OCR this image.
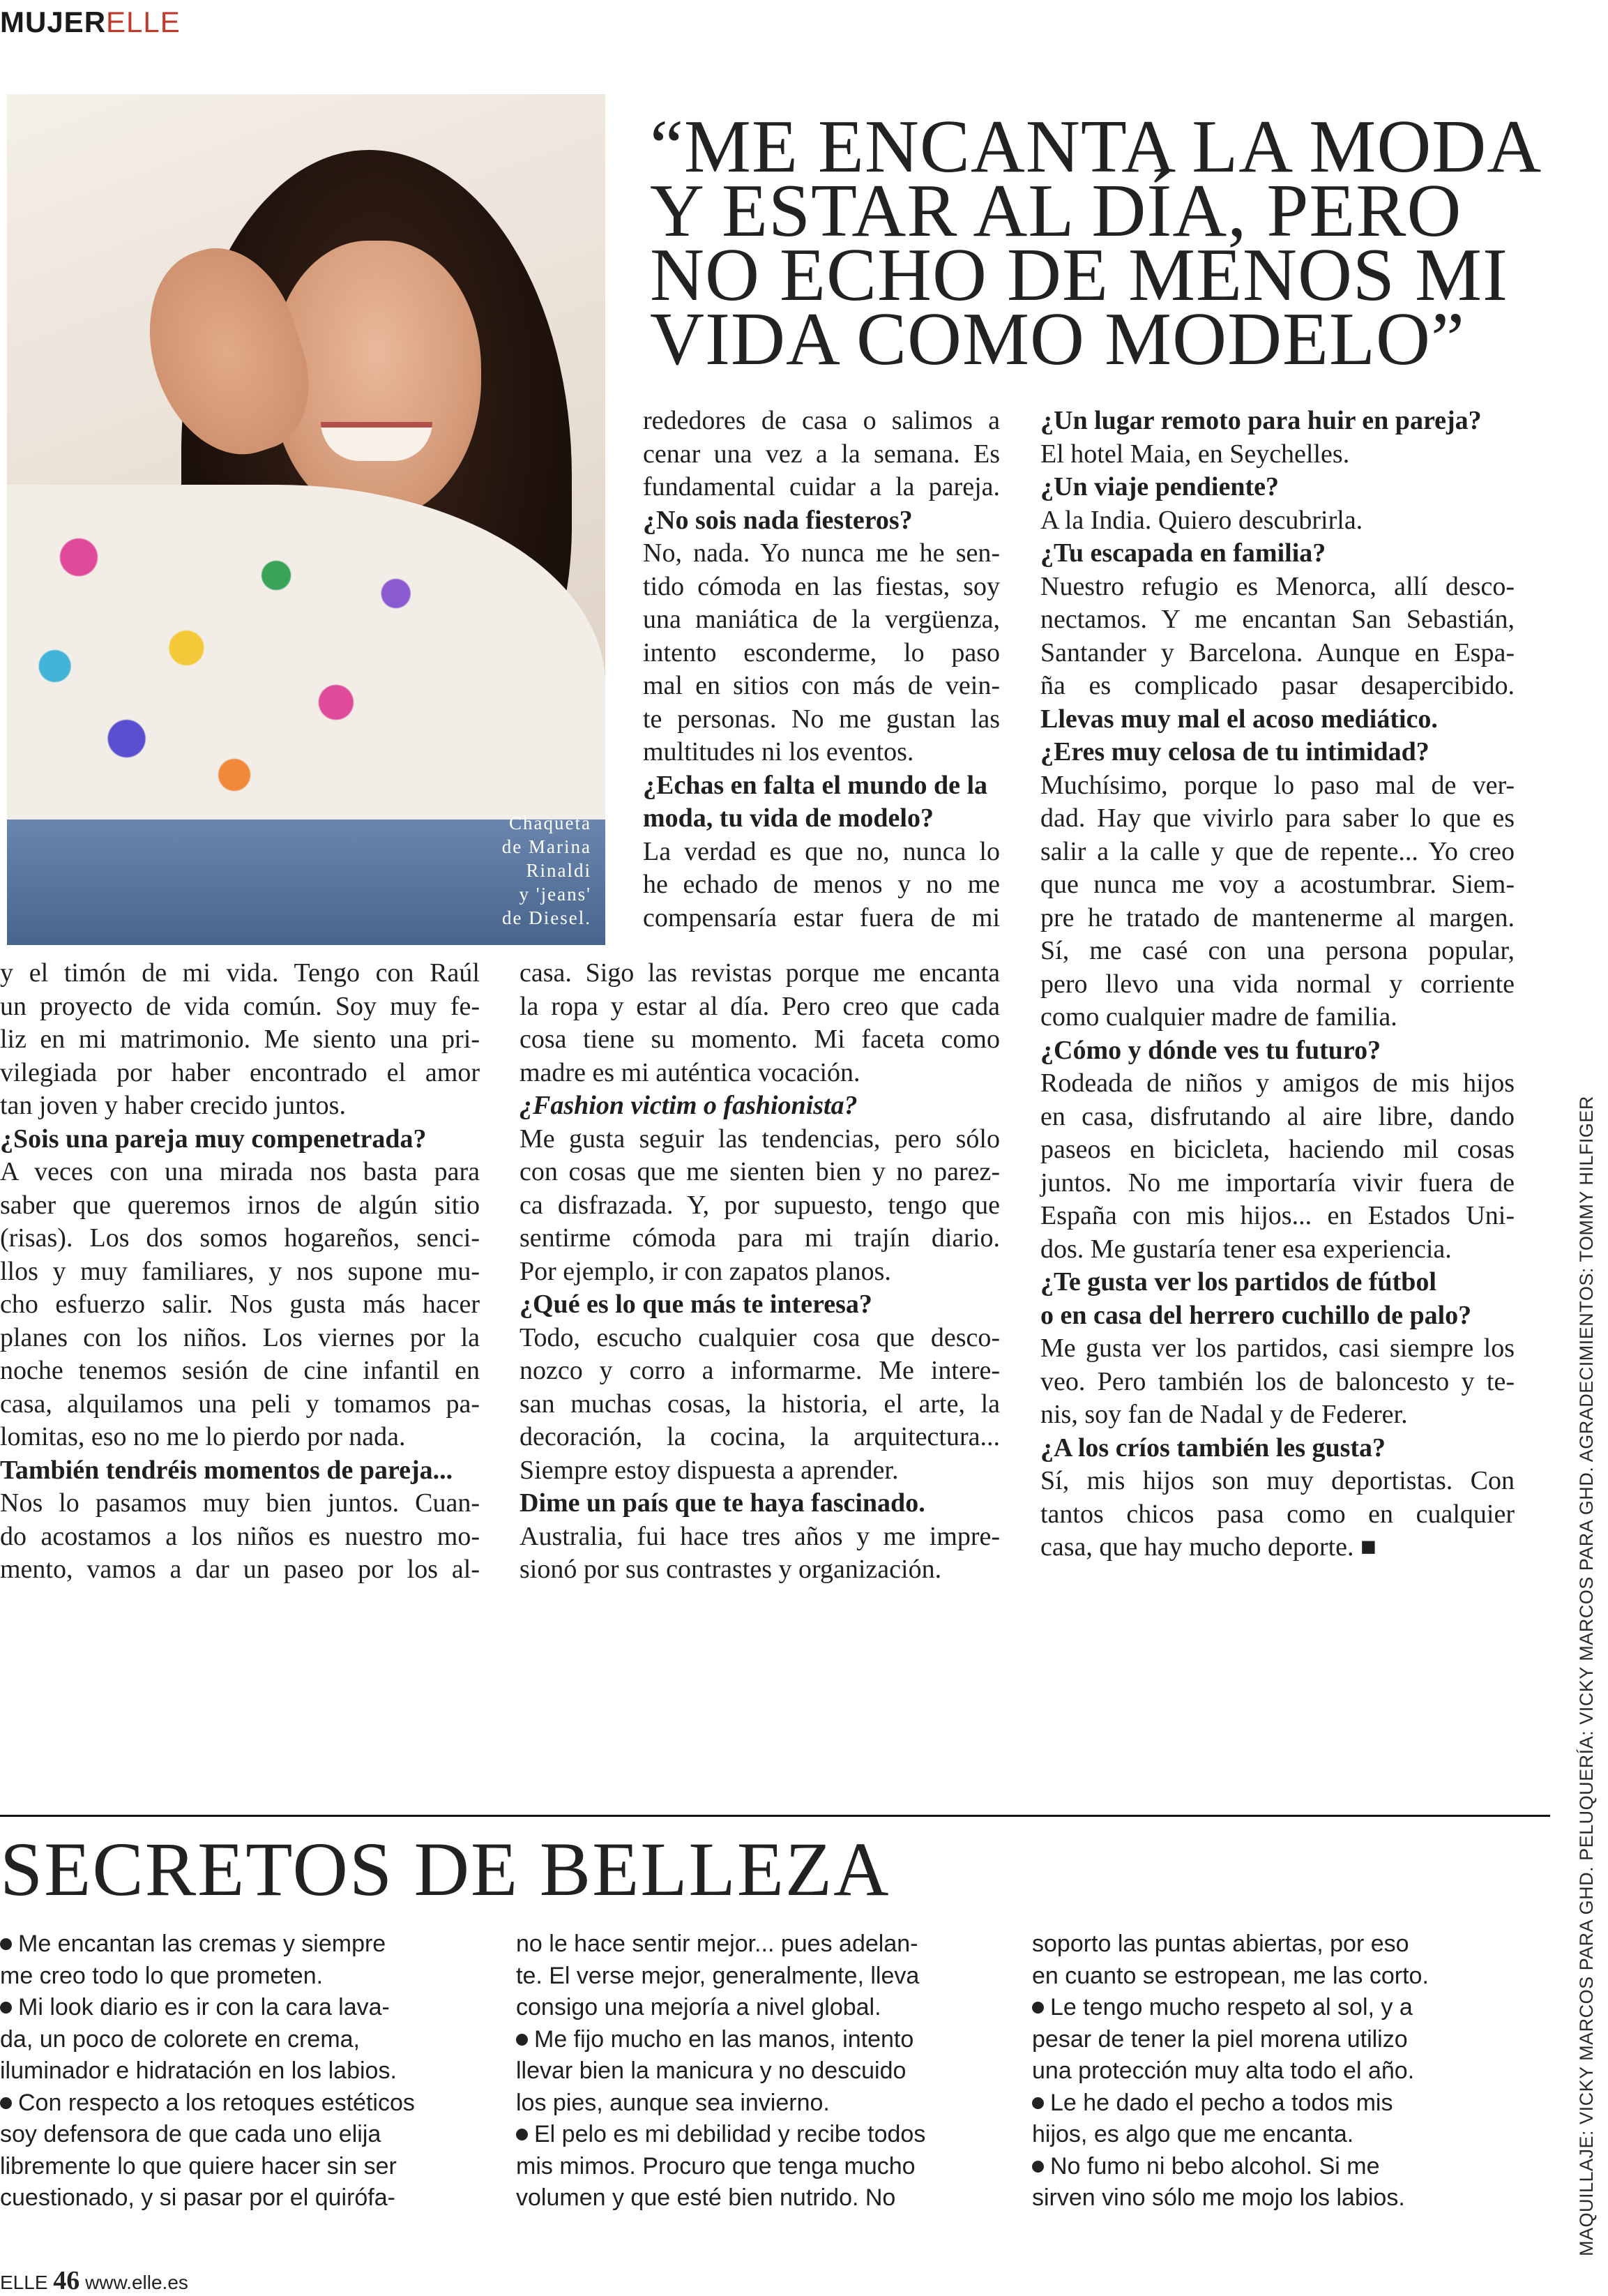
MUJERELLE
Chaqueta
de Marina
Rinaldi
y 'jeans'
de Diesel.
“ME ENCANTA LA MODA
Y ESTAR AL DÍA, PERO
NO ECHO DE MENOS MI
VIDA COMO MODELO”
y el timón de mi vida. Tengo con Raúl
un proyecto de vida común. Soy muy fe-
liz en mi matrimonio. Me siento una pri-
vilegiada por haber encontrado el amor
tan joven y haber crecido juntos.
¿Sois una pareja muy compenetrada?
A veces con una mirada nos basta para
saber que queremos irnos de algún sitio
(risas). Los dos somos hogareños, senci-
llos y muy familiares, y nos supone mu-
cho esfuerzo salir. Nos gusta más hacer
planes con los niños. Los viernes por la
noche tenemos sesión de cine infantil en
casa, alquilamos una peli y tomamos pa-
lomitas, eso no me lo pierdo por nada.
También tendréis momentos de pareja...
Nos lo pasamos muy bien juntos. Cuan-
do acostamos a los niños es nuestro mo-
mento, vamos a dar un paseo por los al-
rededores de casa o salimos a
cenar una vez a la semana. Es
fundamental cuidar a la pareja.
¿No sois nada fiesteros?
No, nada. Yo nunca me he sen-
tido cómoda en las fiestas, soy
una maniática de la vergüenza,
intento esconderme, lo paso
mal en sitios con más de vein-
te personas. No me gustan las
multitudes ni los eventos.
¿Echas en falta el mundo de la
moda, tu vida de modelo?
La verdad es que no, nunca lo
he echado de menos y no me
compensaría estar fuera de mi
casa. Sigo las revistas porque me encanta
la ropa y estar al día. Pero creo que cada
cosa tiene su momento. Mi faceta como
madre es mi auténtica vocación.
¿Fashion victim o fashionista?
Me gusta seguir las tendencias, pero sólo
con cosas que me sienten bien y no parez-
ca disfrazada. Y, por supuesto, tengo que
sentirme cómoda para mi trajín diario.
Por ejemplo, ir con zapatos planos.
¿Qué es lo que más te interesa?
Todo, escucho cualquier cosa que desco-
nozco y corro a informarme. Me intere-
san muchas cosas, la historia, el arte, la
decoración, la cocina, la arquitectura...
Siempre estoy dispuesta a aprender.
Dime un país que te haya fascinado.
Australia, fui hace tres años y me impre-
sionó por sus contrastes y organización.
¿Un lugar remoto para huir en pareja?
El hotel Maia, en Seychelles.
¿Un viaje pendiente?
A la India. Quiero descubrirla.
¿Tu escapada en familia?
Nuestro refugio es Menorca, allí desco-
nectamos. Y me encantan San Sebastián,
Santander y Barcelona. Aunque en Espa-
ña es complicado pasar desapercibido.
Llevas muy mal el acoso mediático.
¿Eres muy celosa de tu intimidad?
Muchísimo, porque lo paso mal de ver-
dad. Hay que vivirlo para saber lo que es
salir a la calle y que de repente... Yo creo
que nunca me voy a acostumbrar. Siem-
pre he tratado de mantenerme al margen.
Sí, me casé con una persona popular,
pero llevo una vida normal y corriente
como cualquier madre de familia.
¿Cómo y dónde ves tu futuro?
Rodeada de niños y amigos de mis hijos
en casa, disfrutando al aire libre, dando
paseos en bicicleta, haciendo mil cosas
juntos. No me importaría vivir fuera de
España con mis hijos... en Estados Uni-
dos. Me gustaría tener esa experiencia.
¿Te gusta ver los partidos de fútbol
o en casa del herrero cuchillo de palo?
Me gusta ver los partidos, casi siempre los
veo. Pero también los de baloncesto y te-
nis, soy fan de Nadal y de Federer.
¿A los críos también les gusta?
Sí, mis hijos son muy deportistas. Con
tantos chicos pasa como en cualquier
casa, que hay mucho deporte. ■
SECRETOS DE BELLEZA
Me encantan las cremas y siempre
me creo todo lo que prometen.
Mi look diario es ir con la cara lava-
da, un poco de colorete en crema,
iluminador e hidratación en los labios.
Con respecto a los retoques estéticos
soy defensora de que cada uno elija
libremente lo que quiere hacer sin ser
cuestionado, y si pasar por el quirófa-
no le hace sentir mejor... pues adelan-
te. El verse mejor, generalmente, lleva
consigo una mejoría a nivel global.
Me fijo mucho en las manos, intento
llevar bien la manicura y no descuido
los pies, aunque sea invierno.
El pelo es mi debilidad y recibe todos
mis mimos. Procuro que tenga mucho
volumen y que esté bien nutrido. No
soporto las puntas abiertas, por eso
en cuanto se estropean, me las corto.
Le tengo mucho respeto al sol, y a
pesar de tener la piel morena utilizo
una protección muy alta todo el año.
Le he dado el pecho a todos mis
hijos, es algo que me encanta.
No fumo ni bebo alcohol. Si me
sirven vino sólo me mojo los labios.	MAQUILLAJE: VICKY MARCOS PARA GHD. PELUQUERÍA: VICKY MARCOS PARA GHD. AGRADECIMIENTOS: TOMMY HILFIGER
ELLE 46 www.elle.es
